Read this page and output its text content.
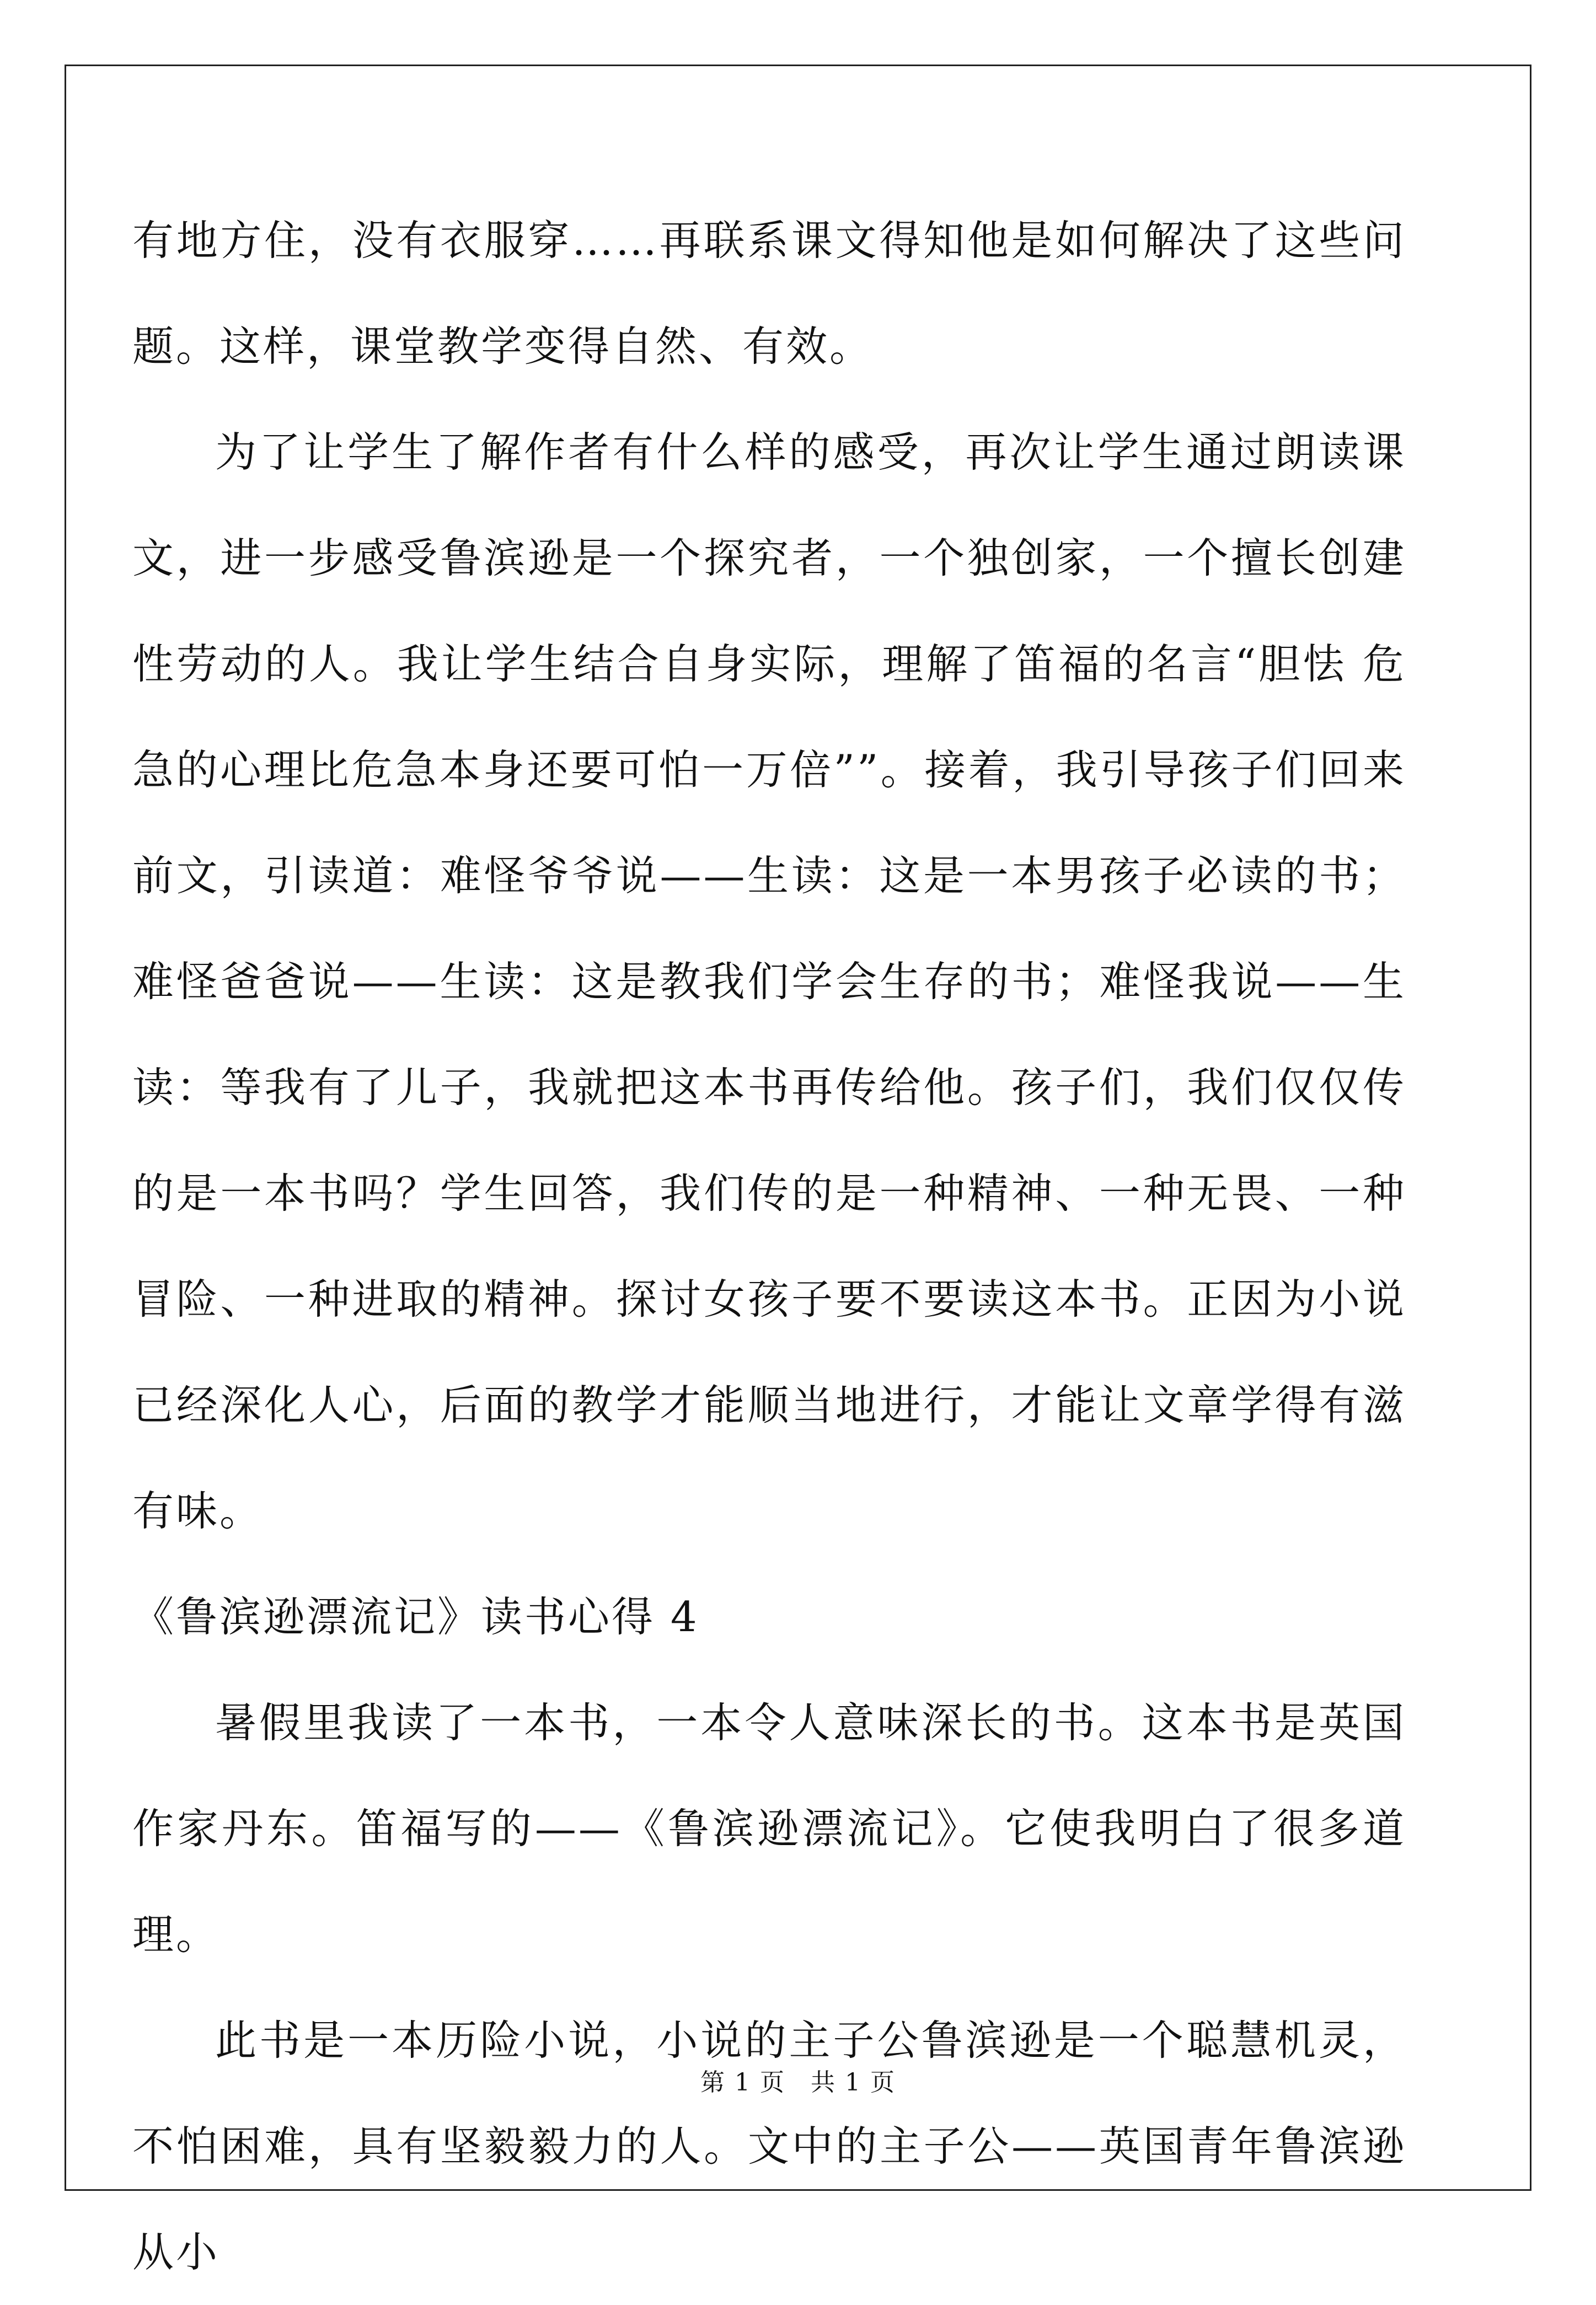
有地方住，没有衣服穿……再联系课文得知他是如何解决了这些问题。这样，课堂教学变得自然、有效。

为了让学生了解作者有什么样的感受，再次让学生通过朗读课文，进一步感受鲁滨逊是一个探究者，一个独创家，一个擅长创建性劳动的人。我让学生结合自身实际，理解了笛福的名言“胆怯 危急的心理比危急本身还要可怕一万倍””。接着，我引导孩子们回来前文，引读道：难怪爷爷说——生读：这是一本男孩子必读的书；难怪爸爸说——生读：这是教我们学会生存的书；难怪我说——生读：等我有了儿子，我就把这本书再传给他。孩子们，我们仅仅传的是一本书吗？学生回答，我们传的是一种精神、一种无畏、一种冒险、一种进取的精神。探讨女孩子要不要读这本书。正因为小说已经深化人心，后面的教学才能顺当地进行，才能让文章学得有滋有味。

《鲁滨逊漂流记》读书心得 4

暑假里我读了一本书，一本令人意味深长的书。这本书是英国作家丹东。笛福写的——《鲁滨逊漂流记》。它使我明白了很多道理。

此书是一本历险小说，小说的主子公鲁滨逊是一个聪慧机灵，不怕困难，具有坚毅毅力的人。文中的主子公——英国青年鲁滨逊从小

第 1 页　共 1 页
